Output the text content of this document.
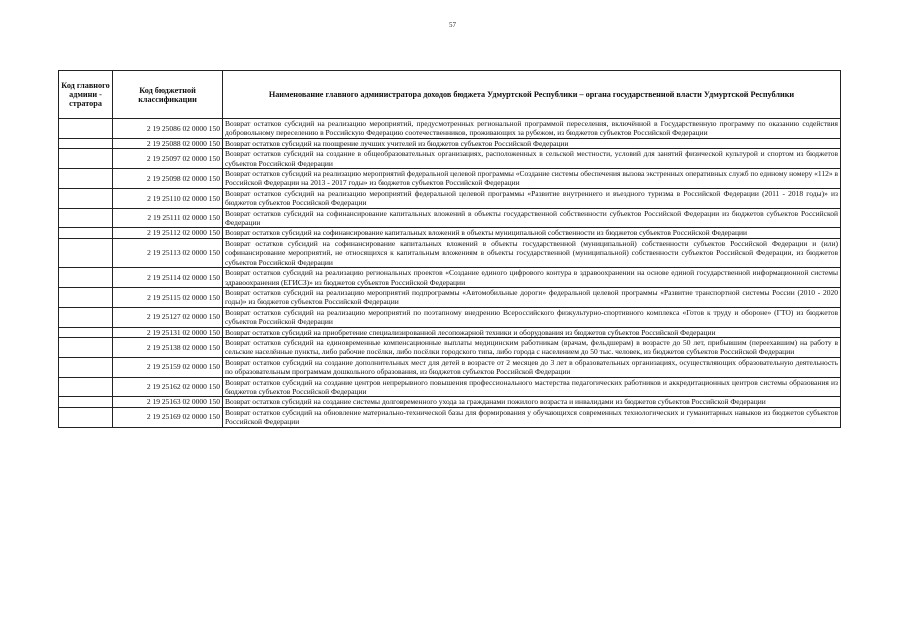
57
Код главного админи - стратора	Код бюджетной классификации	Наименование главного администратора доходов бюджета Удмуртской Республики – органа государственной власти Удмуртской Республики
	2 19 25086 02 0000 150	Возврат остатков субсидий на реализацию мероприятий, предусмотренных региональной программой переселения, включённой в Государственную программу по оказанию содействия добровольному переселению в Российскую Федерацию соотечественников, проживающих за рубежом, из бюджетов субъектов Российской Федерации
	2 19 25088 02 0000 150	Возврат остатков субсидий на поощрение лучших учителей из бюджетов субъектов Российской Федерации
	2 19 25097 02 0000 150	Возврат остатков субсидий на создание в общеобразовательных организациях, расположенных в сельской местности, условий для занятий физической культурой и спортом из бюджетов субъектов Российской Федерации
	2 19 25098 02 0000 150	Возврат остатков субсидий на реализацию мероприятий федеральной целевой программы «Создание системы обеспечения вызова экстренных оперативных служб по единому номеру «112» в Российской Федерации на 2013 - 2017 годы» из бюджетов субъектов Российской Федерации
	2 19 25110 02 0000 150	Возврат остатков субсидий на реализацию мероприятий федеральной целевой программы «Развитие внутреннего и въездного туризма в Российской Федерации (2011 - 2018 годы)» из бюджетов субъектов Российской Федерации
	2 19 25111 02 0000 150	Возврат остатков субсидий на софинансирование капитальных вложений в объекты государственной собственности субъектов Российской Федерации из бюджетов субъектов Российской Федерации
	2 19 25112 02 0000 150	Возврат остатков субсидий на софинансирование капитальных вложений в объекты муниципальной собственности из бюджетов субъектов Российской Федерации
	2 19 25113 02 0000 150	Возврат остатков субсидий на софинансирование капитальных вложений в объекты государственной (муниципальной) собственности субъектов Российской Федерации и (или) софинансирование мероприятий, не относящихся к капитальным вложениям в объекты государственной (муниципальной) собственности субъектов Российской Федерации, из бюджетов субъектов Российской Федерации
	2 19 25114 02 0000 150	Возврат остатков субсидий на реализацию региональных проектов «Создание единого цифрового контура в здравоохранении на основе единой государственной информационной системы здравоохранения (ЕГИСЗ)» из бюджетов субъектов Российской Федерации
	2 19 25115 02 0000 150	Возврат остатков субсидий на реализацию мероприятий подпрограммы «Автомобильные дороги» федеральной целевой программы «Развитие транспортной системы России (2010 - 2020 годы)» из бюджетов субъектов Российской Федерации
	2 19 25127 02 0000 150	Возврат остатков субсидий на реализацию мероприятий по поэтапному внедрению Всероссийского физкультурно-спортивного комплекса «Готов к труду и обороне» (ГТО) из бюджетов субъектов Российской Федерации
	2 19 25131 02 0000 150	Возврат остатков субсидий на приобретение специализированной лесопожарной техники и оборудования из бюджетов субъектов Российской Федерации
	2 19 25138 02 0000 150	Возврат остатков субсидий на единовременные компенсационные выплаты медицинским работникам (врачам, фельдшерам) в возрасте до 50 лет, прибывшим (переехавшим) на работу в сельские населённые пункты, либо рабочие посёлки, либо посёлки городского типа, либо города с населением до 50 тыс. человек, из бюджетов субъектов Российской Федерации
	2 19 25159 02 0000 150	Возврат остатков субсидий на создание дополнительных мест для детей в возрасте от 2 месяцев до 3 лет в образовательных организациях, осуществляющих образовательную деятельность по образовательным программам дошкольного образования, из бюджетов субъектов Российской Федерации
	2 19 25162 02 0000 150	Возврат остатков субсидий на создание центров непрерывного повышения профессионального мастерства педагогических работников и аккредитационных центров системы образования из бюджетов субъектов Российской Федерации
	2 19 25163 02 0000 150	Возврат остатков субсидий на создание системы долговременного ухода за гражданами пожилого возраста и инвалидами из бюджетов субъектов Российской Федерации
	2 19 25169 02 0000 150	Возврат остатков субсидий на обновление материально-технической базы для формирования у обучающихся современных технологических и гуманитарных навыков из бюджетов субъектов Российской Федерации
